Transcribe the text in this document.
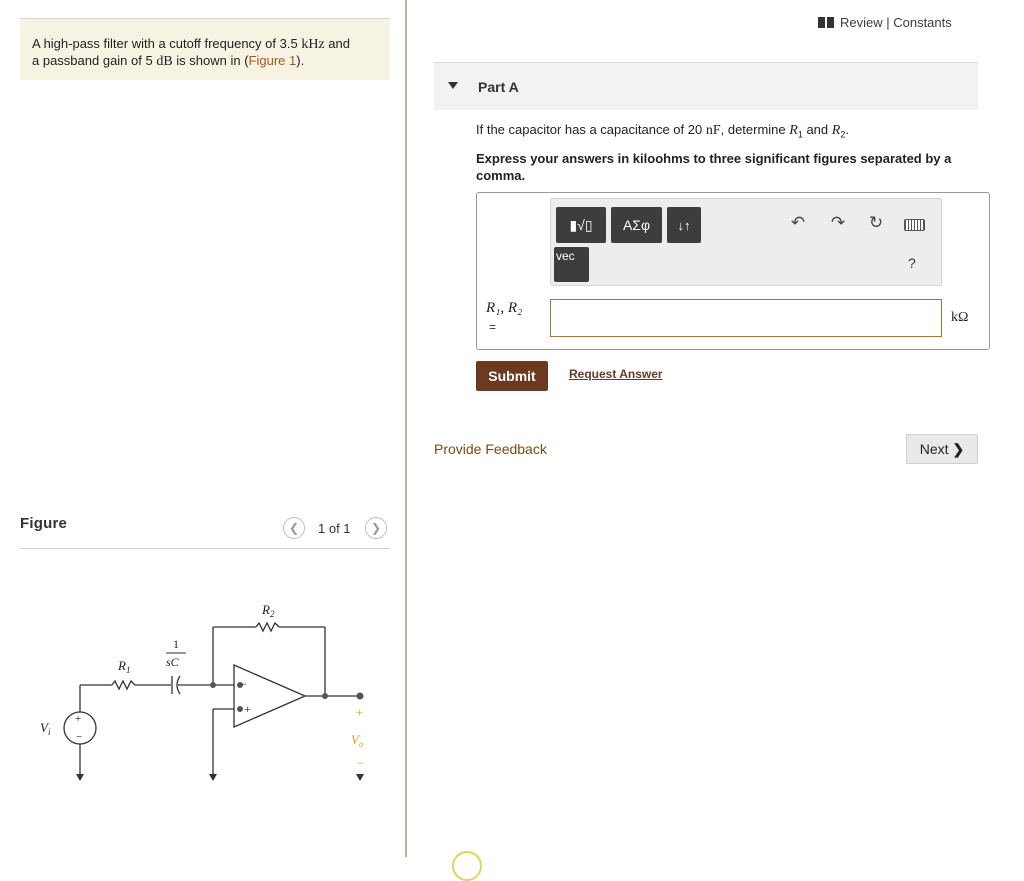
A high-pass filter with a cutoff frequency of 3.5 kHz and
a passband gain of 5 dB is shown in (Figure 1).
Figure	❮ 1 of 1 ❯
$R_1$
$R_2$
1
sC
$V_i$
+
−
−
+	+
$V_o$
−
Review | Constants
Part A
If the capacitor has a capacitance of 20 nF, determine $R_1$ and $R_2$.
Express your answers in kiloohms to three significant figures separated by a comma.
▮√▯	ΑΣφ	↓↑
vec
↶ ↷ ↻
?
R₁, R₂
=
kΩ
Submit	Request Answer
Provide Feedback	Next ❯
